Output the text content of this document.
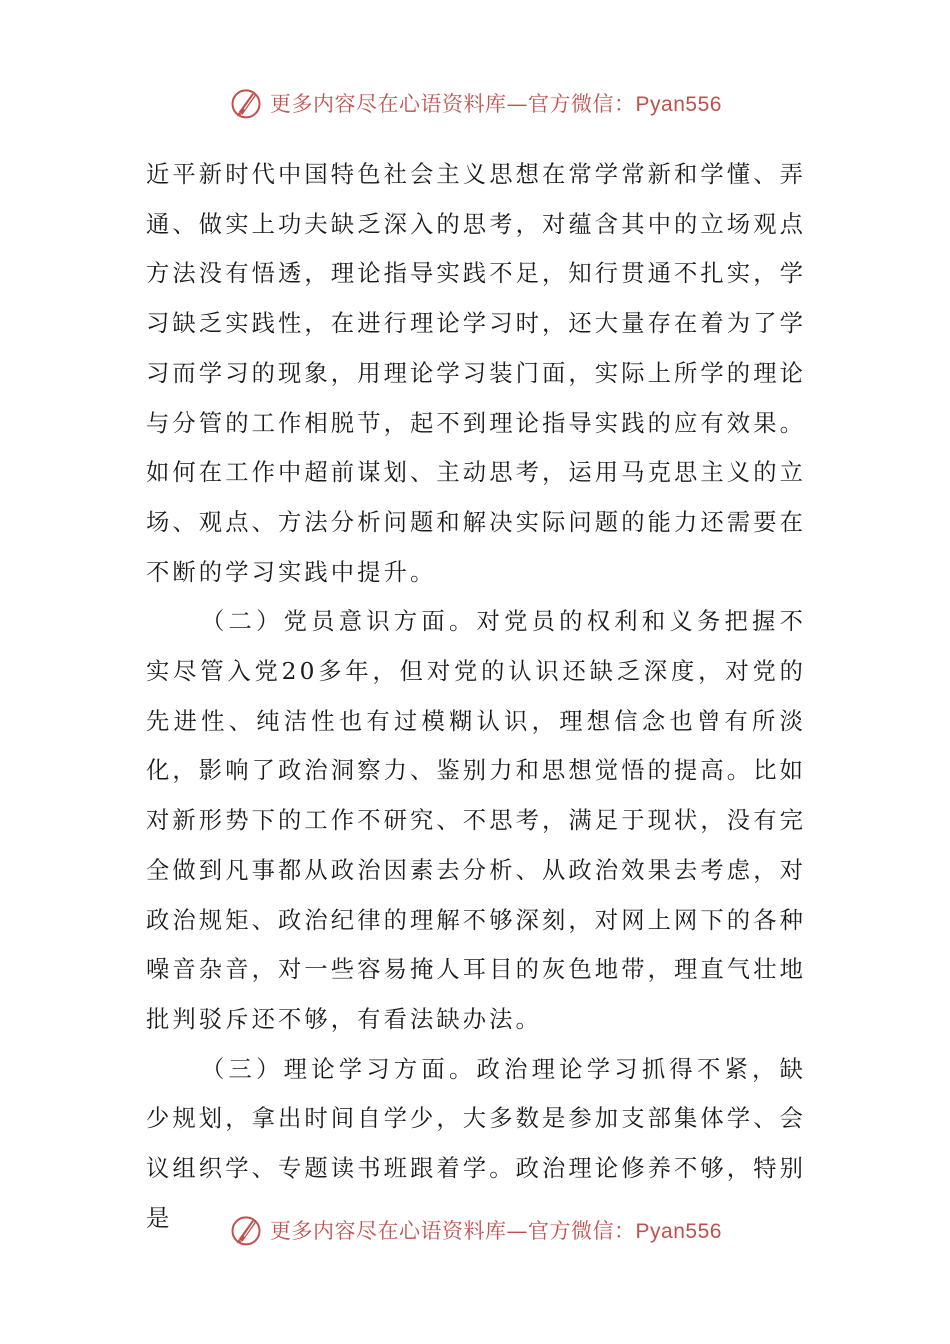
更多内容尽在心语资料库—官方微信：Pyan556

近平新时代中国特色社会主义思想在常学常新和学懂、弄通、做实上功夫缺乏深入的思考，对蕴含其中的立场观点方法没有悟透，理论指导实践不足，知行贯通不扎实，学习缺乏实践性，在进行理论学习时，还大量存在着为了学习而学习的现象，用理论学习装门面，实际上所学的理论与分管的工作相脱节，起不到理论指导实践的应有效果。如何在工作中超前谋划、主动思考，运用马克思主义的立场、观点、方法分析问题和解决实际问题的能力还需要在不断的学习实践中提升。

（二）党员意识方面。对党员的权利和义务把握不实尽管入党20多年，但对党的认识还缺乏深度，对党的先进性、纯洁性也有过模糊认识，理想信念也曾有所淡化，影响了政治洞察力、鉴别力和思想觉悟的提高。比如对新形势下的工作不研究、不思考，满足于现状，没有完全做到凡事都从政治因素去分析、从政治效果去考虑，对政治规矩、政治纪律的理解不够深刻，对网上网下的各种噪音杂音，对一些容易掩人耳目的灰色地带，理直气壮地批判驳斥还不够，有看法缺办法。

（三）理论学习方面。政治理论学习抓得不紧，缺少规划，拿出时间自学少，大多数是参加支部集体学、会议组织学、专题读书班跟着学。政治理论修养不够，特别是	更多内容尽在心语资料库—官方微信：Pyan556
